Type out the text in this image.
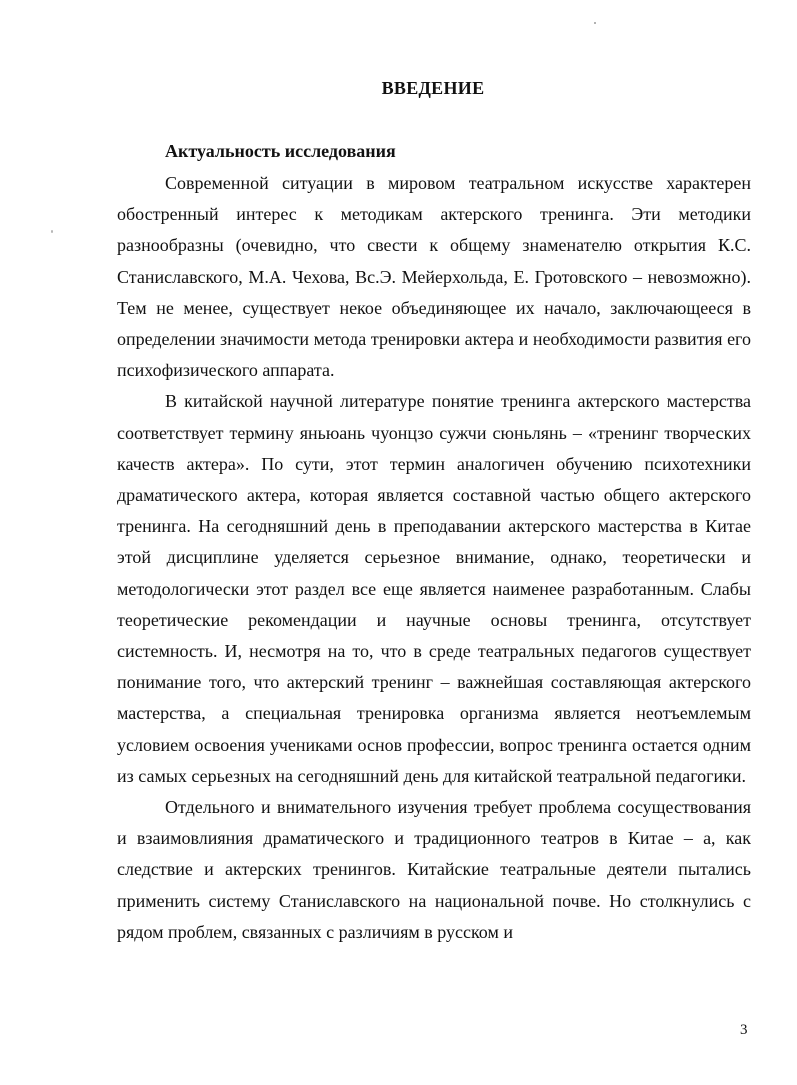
ВВЕДЕНИЕ
Актуальность исследования

Современной ситуации в мировом театральном искусстве характерен обостренный интерес к методикам актерского тренинга. Эти методики разнообразны (очевидно, что свести к общему знаменателю открытия К.С. Станиславского, М.А. Чехова, Вс.Э. Мейерхольда, Е. Гротовского – невозможно). Тем не менее, существует некое объединяющее их начало, заключающееся в определении значимости метода тренировки актера и необходимости развития его психофизического аппарата.

В китайской научной литературе понятие тренинга актерского мастерства соответствует термину яньюань чуонцзо сужчи сюньлянь – «тренинг творческих качеств актера». По сути, этот термин аналогичен обучению психотехники драматического актера, которая является составной частью общего актерского тренинга. На сегодняшний день в преподавании актерского мастерства в Китае этой дисциплине уделяется серьезное внимание, однако, теоретически и методологически этот раздел все еще является наименее разработанным. Слабы теоретические рекомендации и научные основы тренинга, отсутствует системность. И, несмотря на то, что в среде театральных педагогов существует понимание того, что актерский тренинг – важнейшая составляющая актерского мастерства, а специальная тренировка организма является неотъемлемым условием освоения учениками основ профессии, вопрос тренинга остается одним из самых серьезных на сегодняшний день для китайской театральной педагогики.

Отдельного и внимательного изучения требует проблема сосуществования и взаимовлияния драматического и традиционного театров в Китае – а, как следствие и актерских тренингов. Китайские театральные деятели пытались применить систему Станиславского на национальной почве. Но столкнулись с рядом проблем, связанных с различиям в русском и

3
